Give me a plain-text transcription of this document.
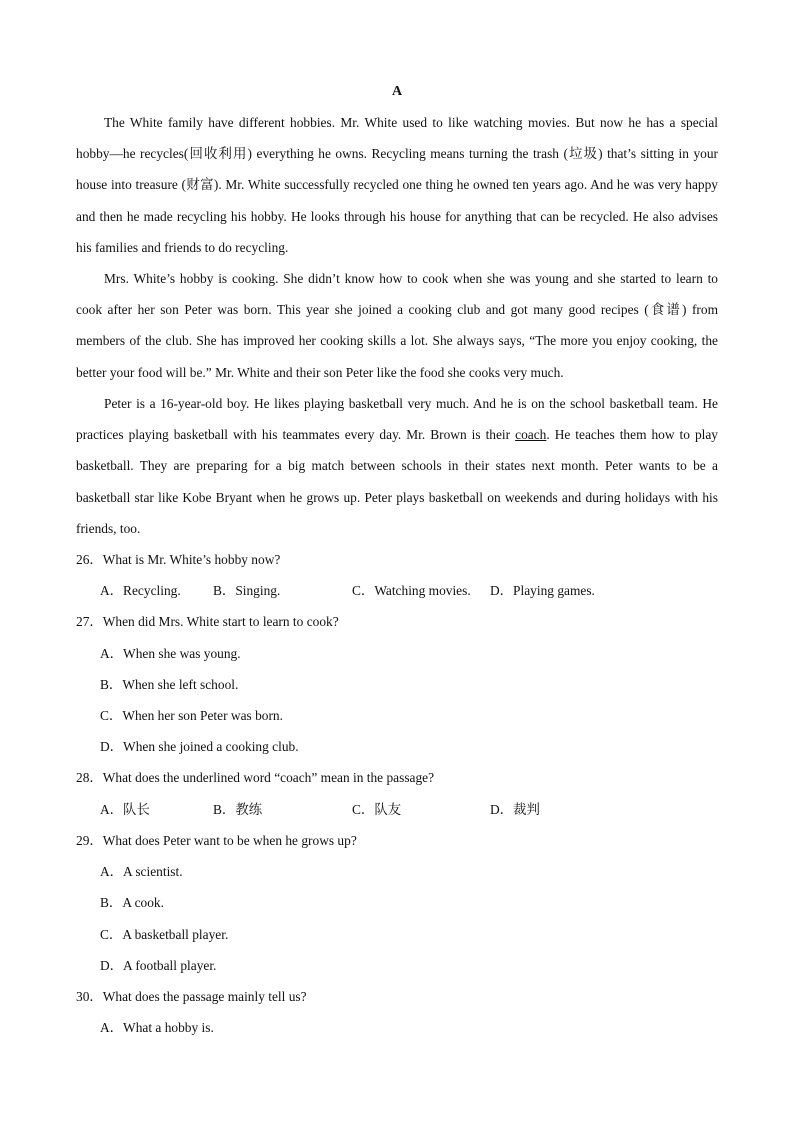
A

The White family have different hobbies. Mr. White used to like watching movies. But now he has a special hobby—he recycles(回收利用) everything he owns. Recycling means turning the trash (垃圾) that’s sitting in your house into treasure (财富). Mr. White successfully recycled one thing he owned ten years ago. And he was very happy and then he made recycling his hobby. He looks through his house for anything that can be recycled. He also advises his families and friends to do recycling.

Mrs. White’s hobby is cooking. She didn’t know how to cook when she was young and she started to learn to cook after her son Peter was born. This year she joined a cooking club and got many good recipes (食谱) from members of the club. She has improved her cooking skills a lot. She always says, “The more you enjoy cooking, the better your food will be.” Mr. White and their son Peter like the food she cooks very much.

Peter is a 16-year-old boy. He likes playing basketball very much. And he is on the school basketball team. He practices playing basketball with his teammates every day. Mr. Brown is their coach. He teaches them how to play basketball. They are preparing for a big match between schools in their states next month. Peter wants to be a basketball star like Kobe Bryant when he grows up. Peter plays basketball on weekends and during holidays with his friends, too.

26．What is Mr. White’s hobby now?
A．Recycling. B．Singing.	C．Watching movies. D．Playing games.
27．When did Mrs. White start to learn to cook?
A．When she was young.
B．When she left school.
C．When her son Peter was born.
D．When she joined a cooking club.
28．What does the underlined word “coach” mean in the passage?
A．队长	B．教练	C．队友	D．裁判
29．What does Peter want to be when he grows up?
A．A scientist.
B．A cook.
C．A basketball player.
D．A football player.
30．What does the passage mainly tell us?
A．What a hobby is.
